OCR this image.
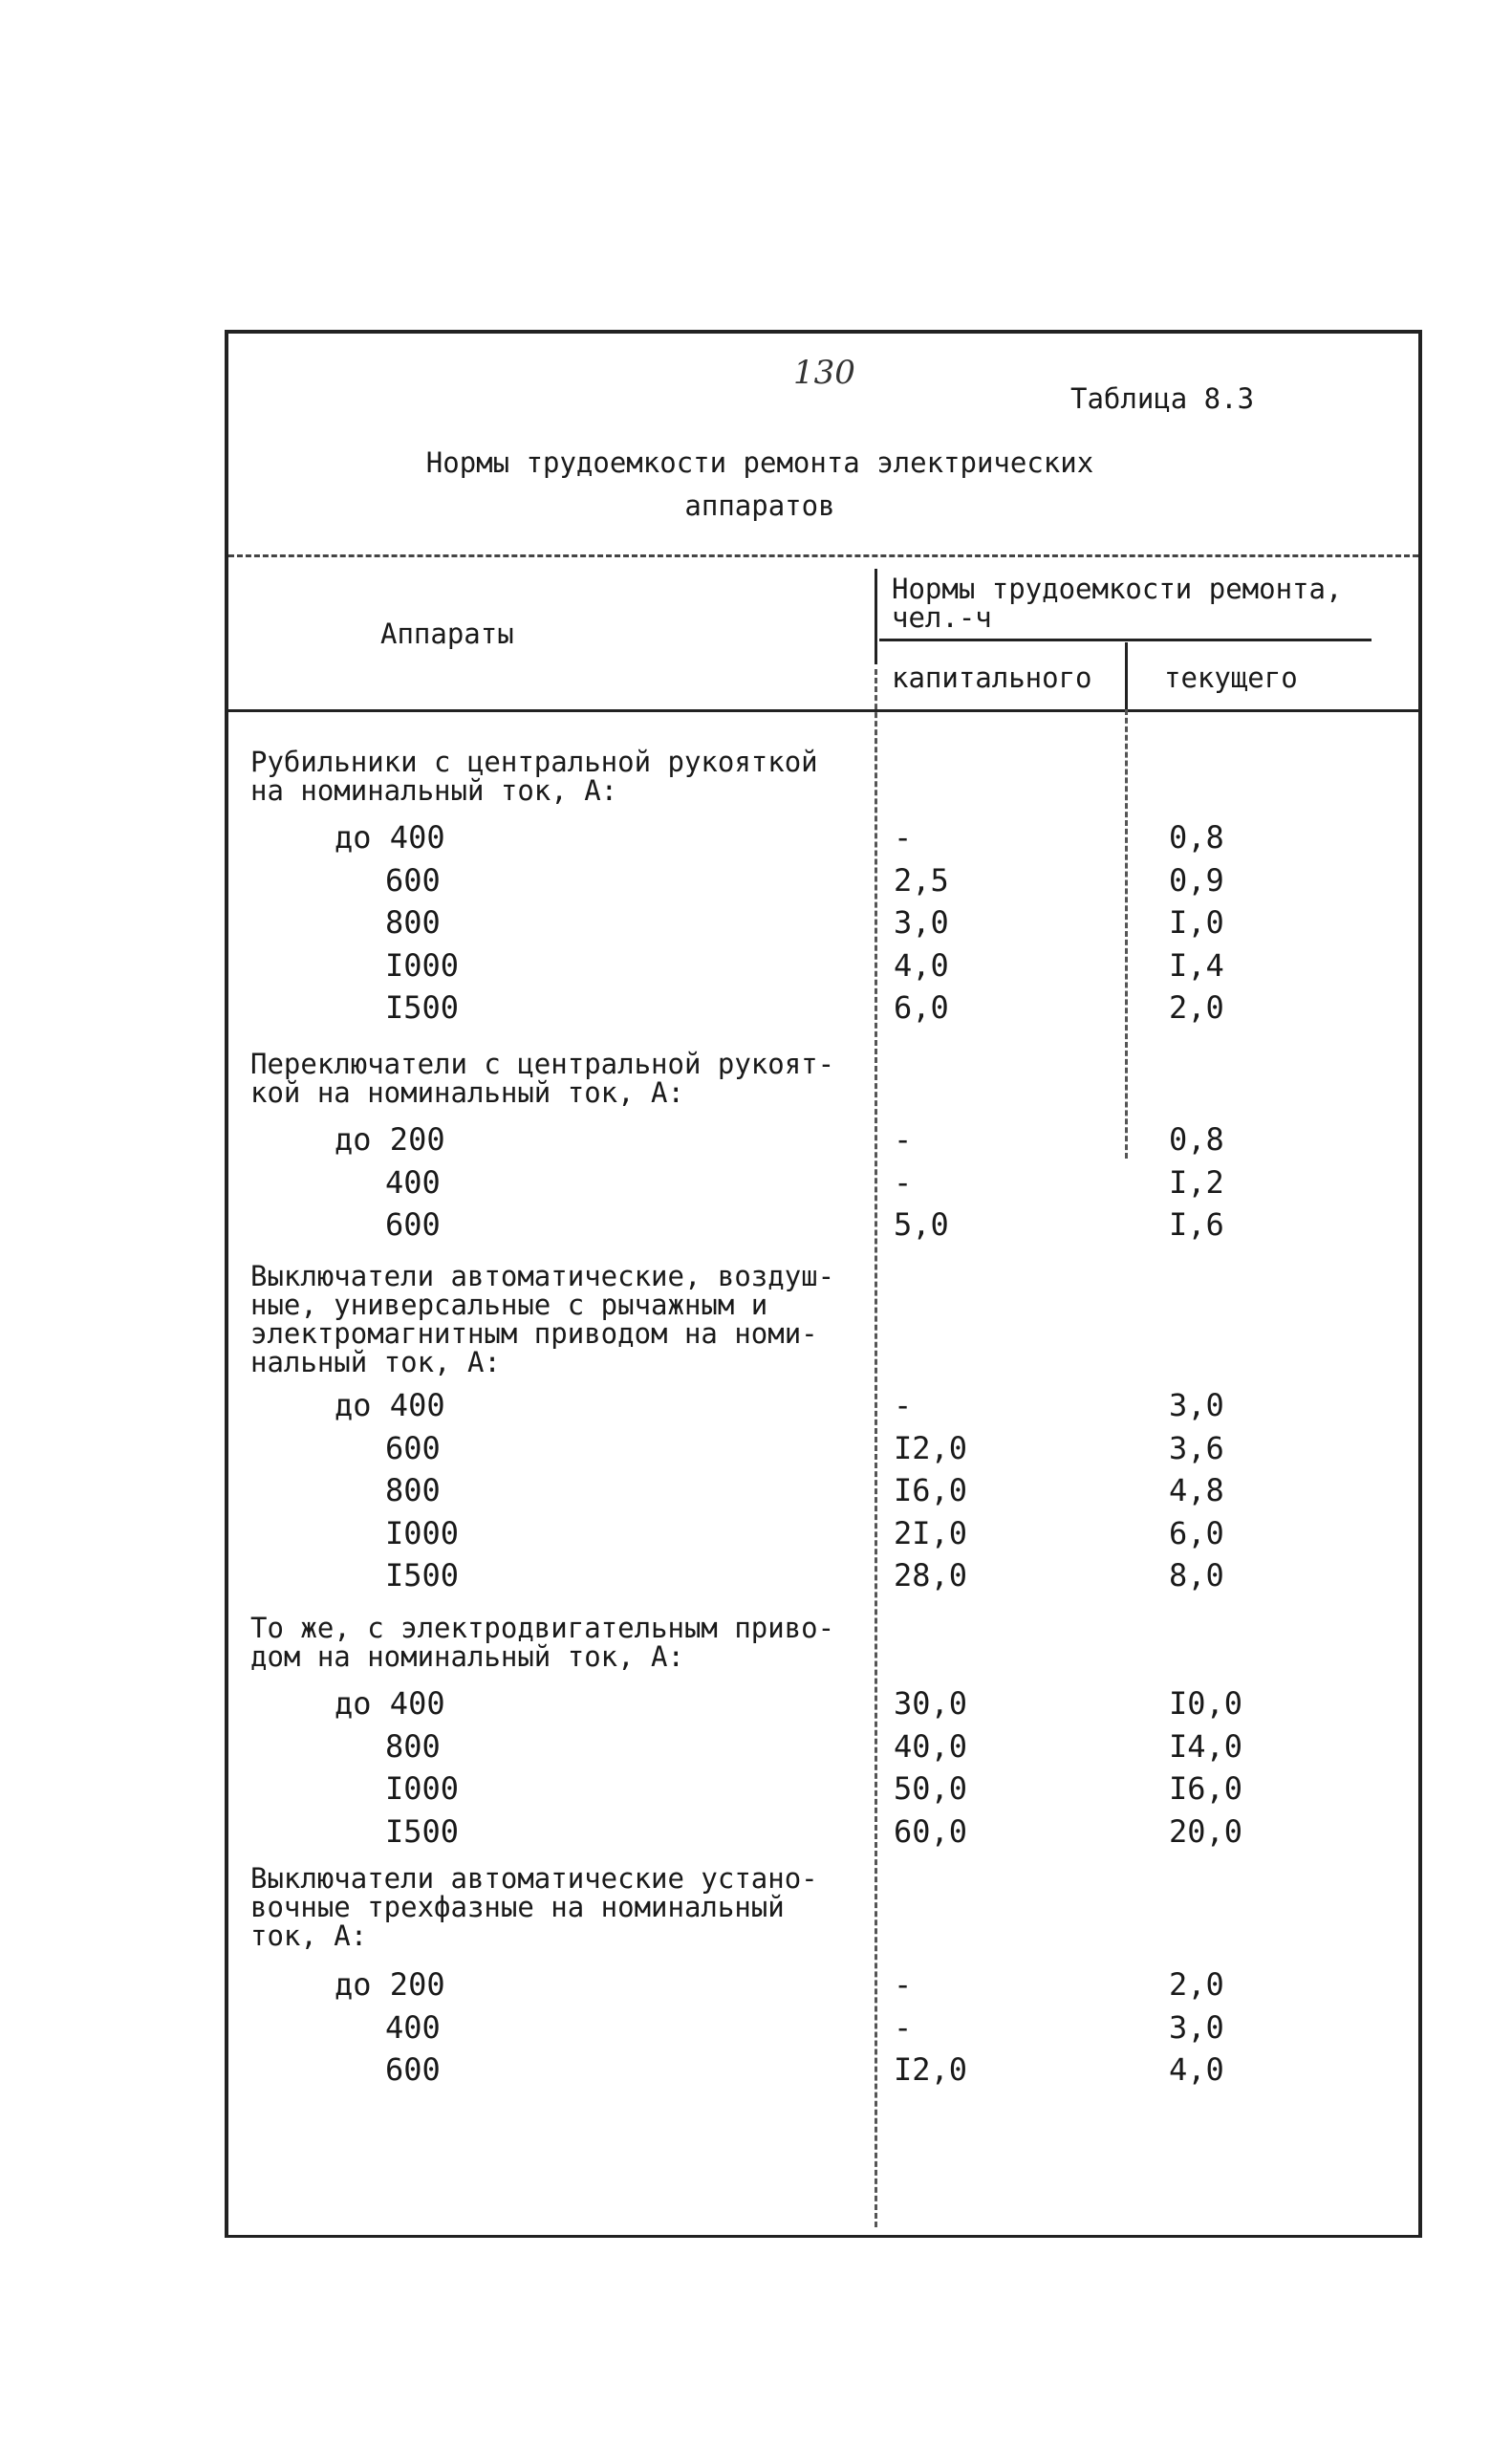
130
Таблица 8.3
Нормы трудоемкости ремонта электрических
аппаратов
Аппараты
Нормы трудоемкости ремонта,
чел.-ч
капитального	текущего
Рубильники с центральной рукояткой
на номинальный ток, А:
до 400	-	0,8
600	2,5	0,9
800	3,0	I,0
I000	4,0	I,4
I500	6,0	2,0
Переключатели с центральной рукоят-
кой на номинальный ток, А:
до 200	-	0,8
400	-	I,2
600	5,0	I,6
Выключатели автоматические, воздуш-
ные, универсальные с рычажным и
электромагнитным приводом на номи-
нальный ток, А:
до 400	-	3,0
600	I2,0	3,6
800	I6,0	4,8
I000	2I,0	6,0
I500	28,0	8,0
То же, с электродвигательным приво-
дом на номинальный ток, А:
до 400	30,0	I0,0
800	40,0	I4,0
I000	50,0	I6,0
I500	60,0	20,0
Выключатели автоматические устано-
вочные трехфазные на номинальный
ток, А:
до 200	-	2,0
400	-	3,0
600	I2,0	4,0
